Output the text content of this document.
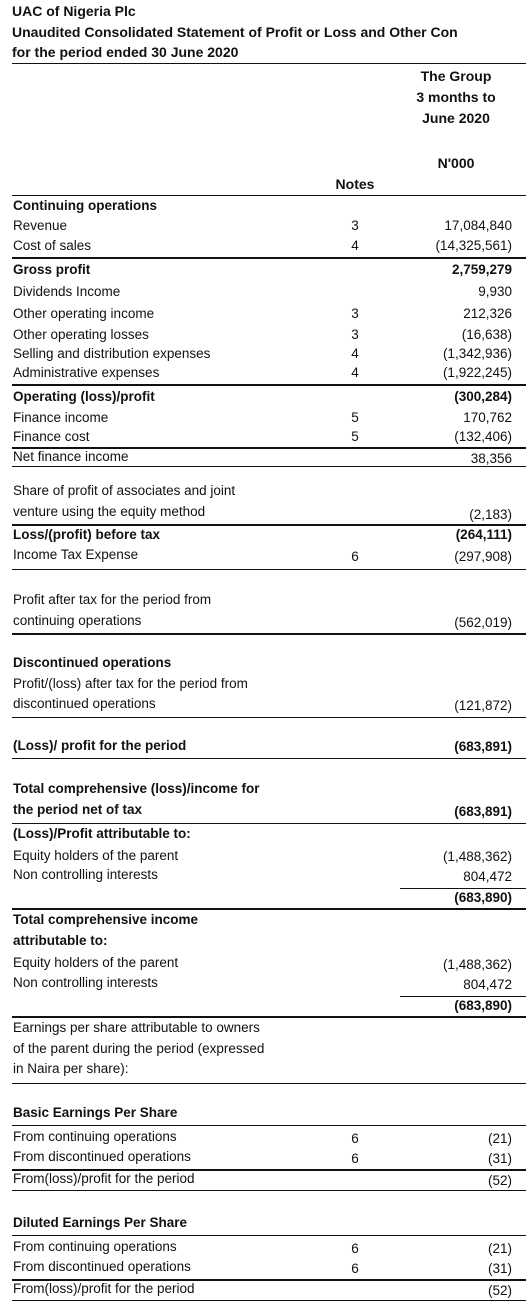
UAC of Nigeria Plc
Unaudited Consolidated Statement of Profit or Loss and Other Con
for the period ended 30 June 2020
The Group
3 months to
June 2020
N'000
Notes
Continuing operations
Revenue	3	17,084,840
Cost of sales	4	(14,325,561)
Gross profit	2,759,279
Dividends Income	9,930
Other operating income	3	212,326
Other operating losses	3	(16,638)
Selling and distribution expenses	4	(1,342,936)
Administrative expenses	4	(1,922,245)
Operating (loss)/profit	(300,284)
Finance income	5	170,762
Finance cost	5	(132,406)
Net finance income	38,356
Share of profit of associates and joint
venture using the equity method	(2,183)
Loss/(profit) before tax	(264,111)
Income Tax Expense	6	(297,908)
Profit after tax for the period from
continuing operations	(562,019)
Discontinued operations
Profit/(loss) after tax for the period from
discontinued operations	(121,872)
(Loss)/ profit for the period	(683,891)
Total comprehensive (loss)/income for
the period net of tax	(683,891)
(Loss)/Profit attributable to:
Equity holders of the parent	(1,488,362)
Non controlling interests	804,472
(683,890)
Total comprehensive income
attributable to:
Equity holders of the parent	(1,488,362)
Non controlling interests	804,472
(683,890)
Earnings per share attributable to owners
of the parent during the period (expressed
in Naira per share):
Basic Earnings Per Share
From continuing operations	6	(21)
From discontinued operations	6	(31)
From(loss)/profit for the period	(52)
Diluted Earnings Per Share
From continuing operations	6	(21)
From discontinued operations	6	(31)
From(loss)/profit for the period	(52)
